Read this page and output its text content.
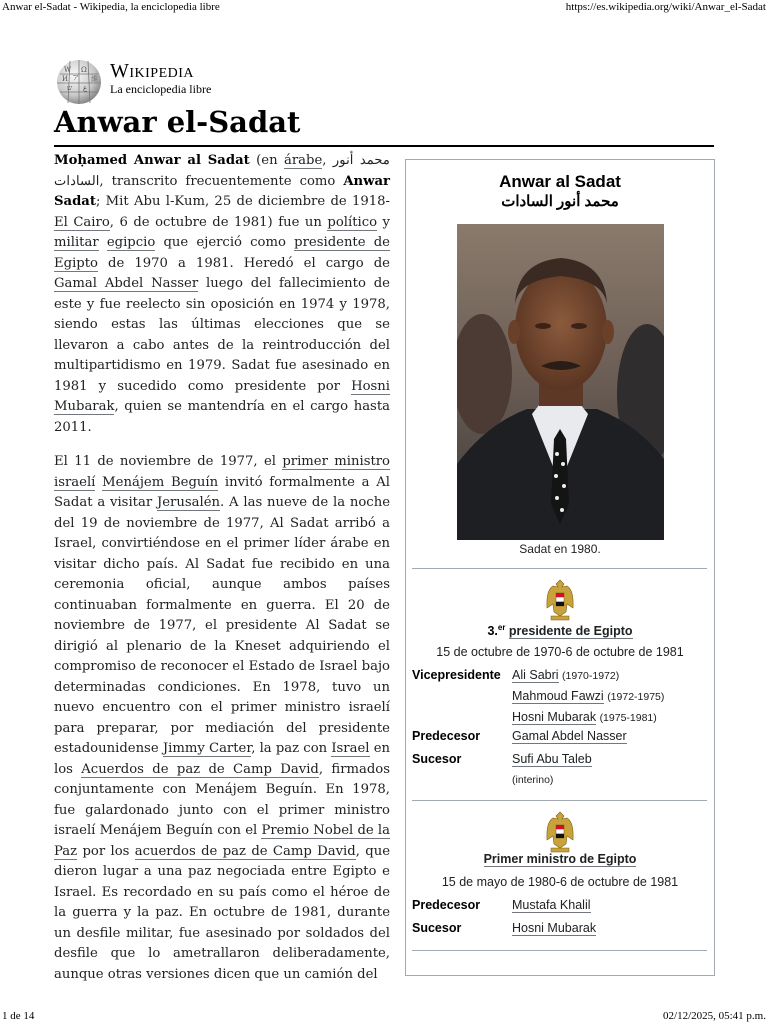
Anwar el-Sadat - Wikipedia, la enciclopedia libre	https://es.wikipedia.org/wiki/Anwar_el-Sadat
W Ω
И ア 維
ש ع
Wikipedia
La enciclopedia libre
Anwar el-Sadat

Moḥamed Anwar al Sadat (en árabe, محمد أنور السادات, transcrito frecuentemente como Anwar Sadat; Mit Abu l-Kum, 25 de diciembre de 1918-El Cairo, 6 de octubre de 1981) fue un político y militar egipcio que ejerció como presidente de Egipto de 1970 a 1981. Heredó el cargo de Gamal Abdel Nasser luego del fallecimiento de este y fue reelecto sin oposición en 1974 y 1978, siendo estas las últimas elecciones que se llevaron a cabo antes de la reintroducción del multipartidismo en 1979. Sadat fue asesinado en 1981 y sucedido como presidente por Hosni Mubarak, quien se mantendría en el cargo hasta 2011.

El 11 de noviembre de 1977, el primer ministro israelí Menájem Beguín invitó formalmente a Al Sadat a visitar Jerusalén. A las nueve de la noche del 19 de noviembre de 1977, Al Sadat arribó a Israel, convirtiéndose en el primer líder árabe en visitar dicho país. Al Sadat fue recibido en una ceremonia oficial, aunque ambos países continuaban formalmente en guerra. El 20 de noviembre de 1977, el presidente Al Sadat se dirigió al plenario de la Kneset adquiriendo el compromiso de reconocer el Estado de Israel bajo determinadas condiciones. En 1978, tuvo un nuevo encuentro con el primer ministro israelí para preparar, por mediación del presidente estadounidense Jimmy Carter, la paz con Israel en los Acuerdos de paz de Camp David, firmados conjuntamente con Menájem Beguín. En 1978, fue galardonado junto con el primer ministro israelí Menájem Beguín con el Premio Nobel de la Paz por los acuerdos de paz de Camp David, que dieron lugar a una paz negociada entre Egipto e Israel. Es recordado en su país como el héroe de la guerra y la paz. En octubre de 1981, durante un desfile militar, fue asesinado por soldados del desfile que lo ametrallaron deliberadamente, aunque otras versiones dicen que un camión del

Anwar al Sadat
محمد أنور السادات
Sadat en 1980.
3.$^{er}$ presidente de Egipto
15 de octubre de 1970-6 de octubre de 1981
Vicepresidente Ali Sabri (1970-1972)
Mahmoud Fawzi (1972-1975)
Hosni Mubarak (1975-1981)
Predecesor	Gamal Abdel Nasser
Sucesor	Sufi Abu Taleb
(interino)
Primer ministro de Egipto
15 de mayo de 1980-6 de octubre de 1981
Predecesor	Mustafa Khalil
Sucesor	Hosni Mubarak
1 de 14	02/12/2025, 05:41 p.m.
